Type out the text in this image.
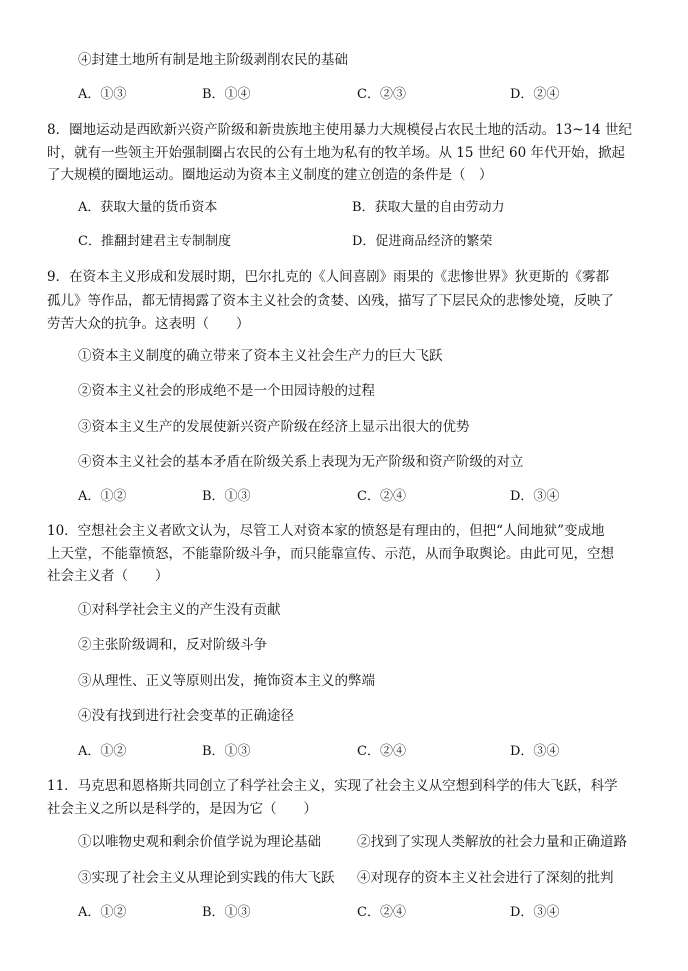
④封建土地所有制是地主阶级剥削农民的基础
A．①③	B．①④	C．②③	D．②④
8．圈地运动是西欧新兴资产阶级和新贵族地主使用暴力大规模侵占农民土地的活动。13~14 世纪
时，就有一些领主开始强制圈占农民的公有土地为私有的牧羊场。从 15 世纪 60 年代开始，掀起
了大规模的圈地运动。圈地运动为资本主义制度的建立创造的条件是（　）
A．获取大量的货币资本	B．获取大量的自由劳动力
C．推翻封建君主专制制度	D．促进商品经济的繁荣
9．在资本主义形成和发展时期，巴尔扎克的《人间喜剧》雨果的《悲惨世界》狄更斯的《雾都
孤儿》等作品，都无情揭露了资本主义社会的贪婪、凶残，描写了下层民众的悲惨处境，反映了
劳苦大众的抗争。这表明（　　）
①资本主义制度的确立带来了资本主义社会生产力的巨大飞跃
②资本主义社会的形成绝不是一个田园诗般的过程
③资本主义生产的发展使新兴资产阶级在经济上显示出很大的优势
④资本主义社会的基本矛盾在阶级关系上表现为无产阶级和资产阶级的对立
A．①②	B．①③	C．②④	D．③④
10．空想社会主义者欧文认为，尽管工人对资本家的愤怒是有理由的，但把“人间地狱”变成地
上天堂，不能靠愤怒，不能靠阶级斗争，而只能靠宣传、示范，从而争取舆论。由此可见，空想
社会主义者（　　）
①对科学社会主义的产生没有贡献
②主张阶级调和，反对阶级斗争
③从理性、正义等原则出发，掩饰资本主义的弊端
④没有找到进行社会变革的正确途径
A．①②	B．①③	C．②④	D．③④
11．马克思和恩格斯共同创立了科学社会主义，实现了社会主义从空想到科学的伟大飞跃，科学
社会主义之所以是科学的，是因为它（　　）
①以唯物史观和剩余价值学说为理论基础	②找到了实现人类解放的社会力量和正确道路
③实现了社会主义从理论到实践的伟大飞跃 ④对现存的资本主义社会进行了深刻的批判
A．①②	B．①③	C．②④	D．③④
